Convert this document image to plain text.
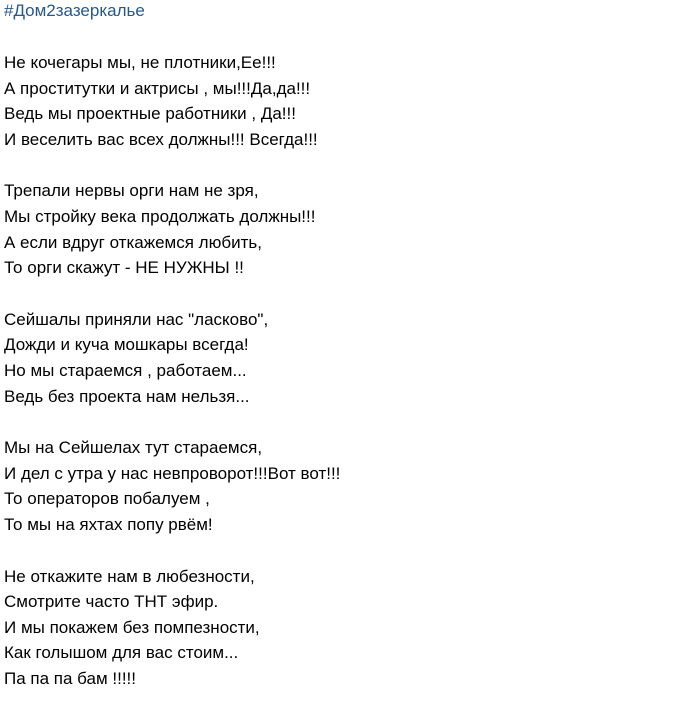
#Дом2зазеркалье
Не кочегары мы, не плотники,Ее!!!
А проститутки и актрисы , мы!!!Да,да!!!
Ведь мы проектные работники , Да!!!
И веселить вас всех должны!!! Всегда!!!
Трепали нервы орги нам не зря,
Мы стройку века продолжать должны!!!
А если вдруг откажемся любить,
То орги скажут - НЕ НУЖНЫ !!
Сейшалы приняли нас "ласково",
Дожди и куча мошкары всегда!
Но мы стараемся , работаем...
Ведь без проекта нам нельзя...
Мы на Сейшелах тут стараемся,
И дел с утра у нас невпроворот!!!Вот вот!!!
То операторов побалуем ,
То мы на яхтах попу рвём!
Не откажите нам в любезности,
Смотрите часто ТНТ эфир.
И мы покажем без помпезности,
Как голышом для вас стоим...
Па па па бам !!!!!
